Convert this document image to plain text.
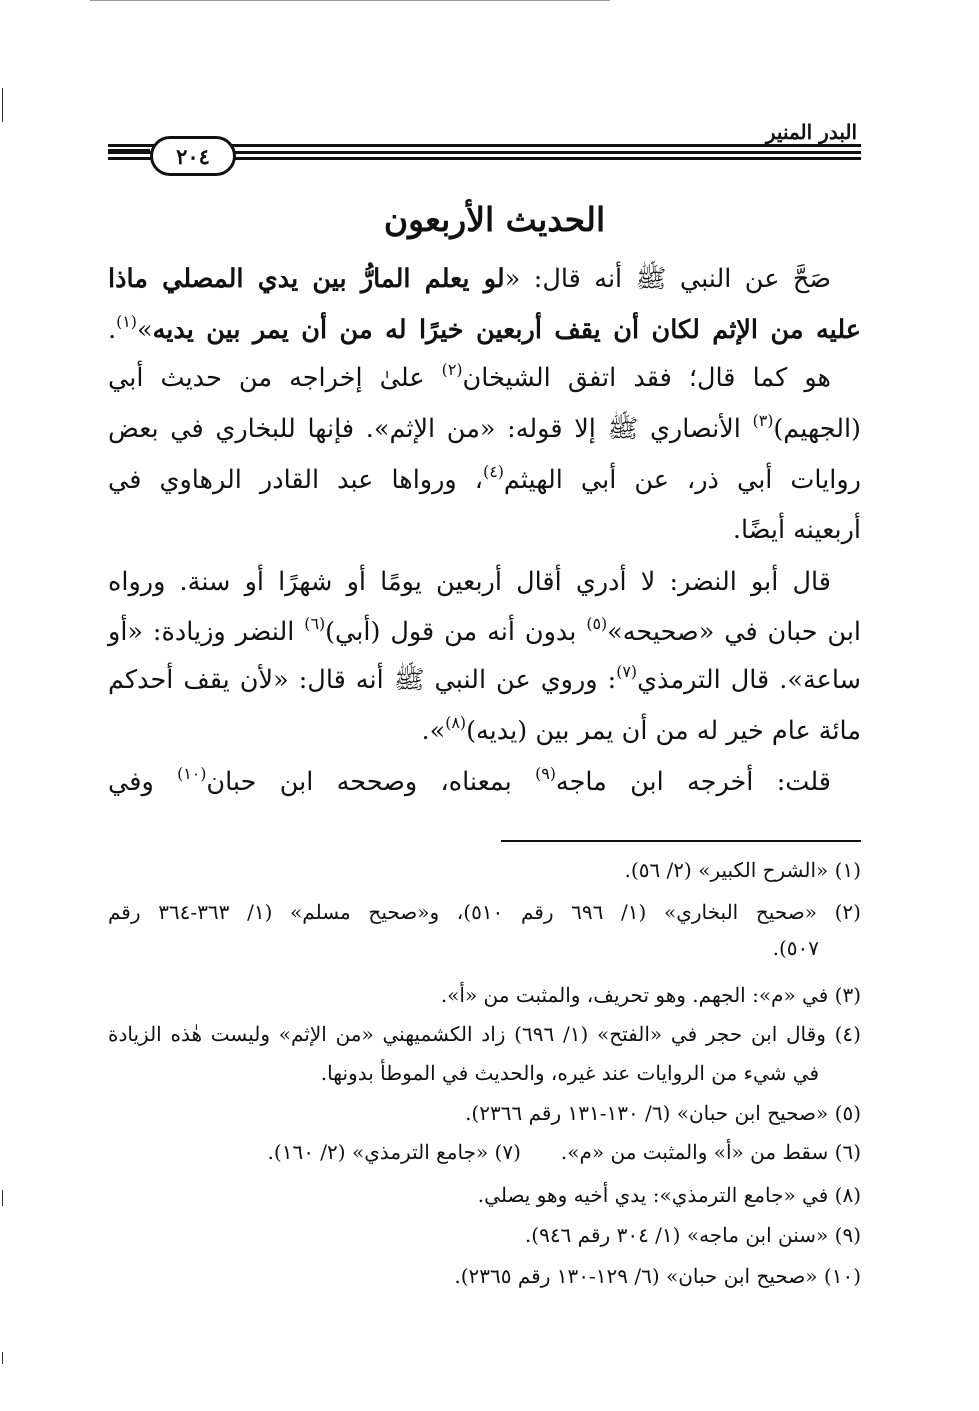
البدر المنير
٢٠٤
الحديث الأربعون
صَحَّ عن النبي ﷺ أنه قال: «لو يعلم المارُّ بين يدي المصلي ماذا
عليه من الإثم لكان أن يقف أربعين خيرًا له من أن يمر بين يديه»$^{(١)}$.
هو كما قال؛ فقد اتفق الشيخان$^{(٢)}$ علىٰ إخراجه من حديث أبي
(الجهيم)$^{(٣)}$ الأنصاري ﷺ إلا قوله: «من الإثم». فإنها للبخاري في بعض
روايات أبي ذر، عن أبي الهيثم$^{(٤)}$، ورواها عبد القادر الرهاوي في
أربعينه أيضًا.
قال أبو النضر: لا أدري أقال أربعين يومًا أو شهرًا أو سنة. ورواه
ابن حبان في «صحيحه»$^{(٥)}$ بدون أنه من قول (أبي)$^{(٦)}$ النضر وزيادة: «أو
ساعة». قال الترمذي$^{(٧)}$: وروي عن النبي ﷺ أنه قال: «لأن يقف أحدكم
مائة عام خير له من أن يمر بين (يديه)$^{(٨)}$».
قلت: أخرجه ابن ماجه$^{(٩)}$ بمعناه، وصححه ابن حبان$^{(١٠)}$ وفي
(١) «الشرح الكبير» (٢/ ٥٦).
(٢) «صحيح البخاري» (١/ ٦٩٦ رقم ٥١٠)، و«صحيح مسلم» (١/ ٣٦٣-٣٦٤ رقم
٥٠٧).
(٣) في «م»: الجهم. وهو تحريف، والمثبت من «أ».
(٤) وقال ابن حجر في «الفتح» (١/ ٦٩٦) زاد الكشميهني «من الإثم» وليست هٰذه الزيادة
في شيء من الروايات عند غيره، والحديث في الموطأ بدونها.
(٥) «صحيح ابن حبان» (٦/ ١٣٠-١٣١ رقم ٢٣٦٦).
(٦) سقط من «أ» والمثبت من «م».(٧) «جامع الترمذي» (٢/ ١٦٠).
(٨) في «جامع الترمذي»: يدي أخيه وهو يصلي.
(٩) «سنن ابن ماجه» (١/ ٣٠٤ رقم ٩٤٦).
(١٠) «صحيح ابن حبان» (٦/ ١٢٩-١٣٠ رقم ٢٣٦٥).
